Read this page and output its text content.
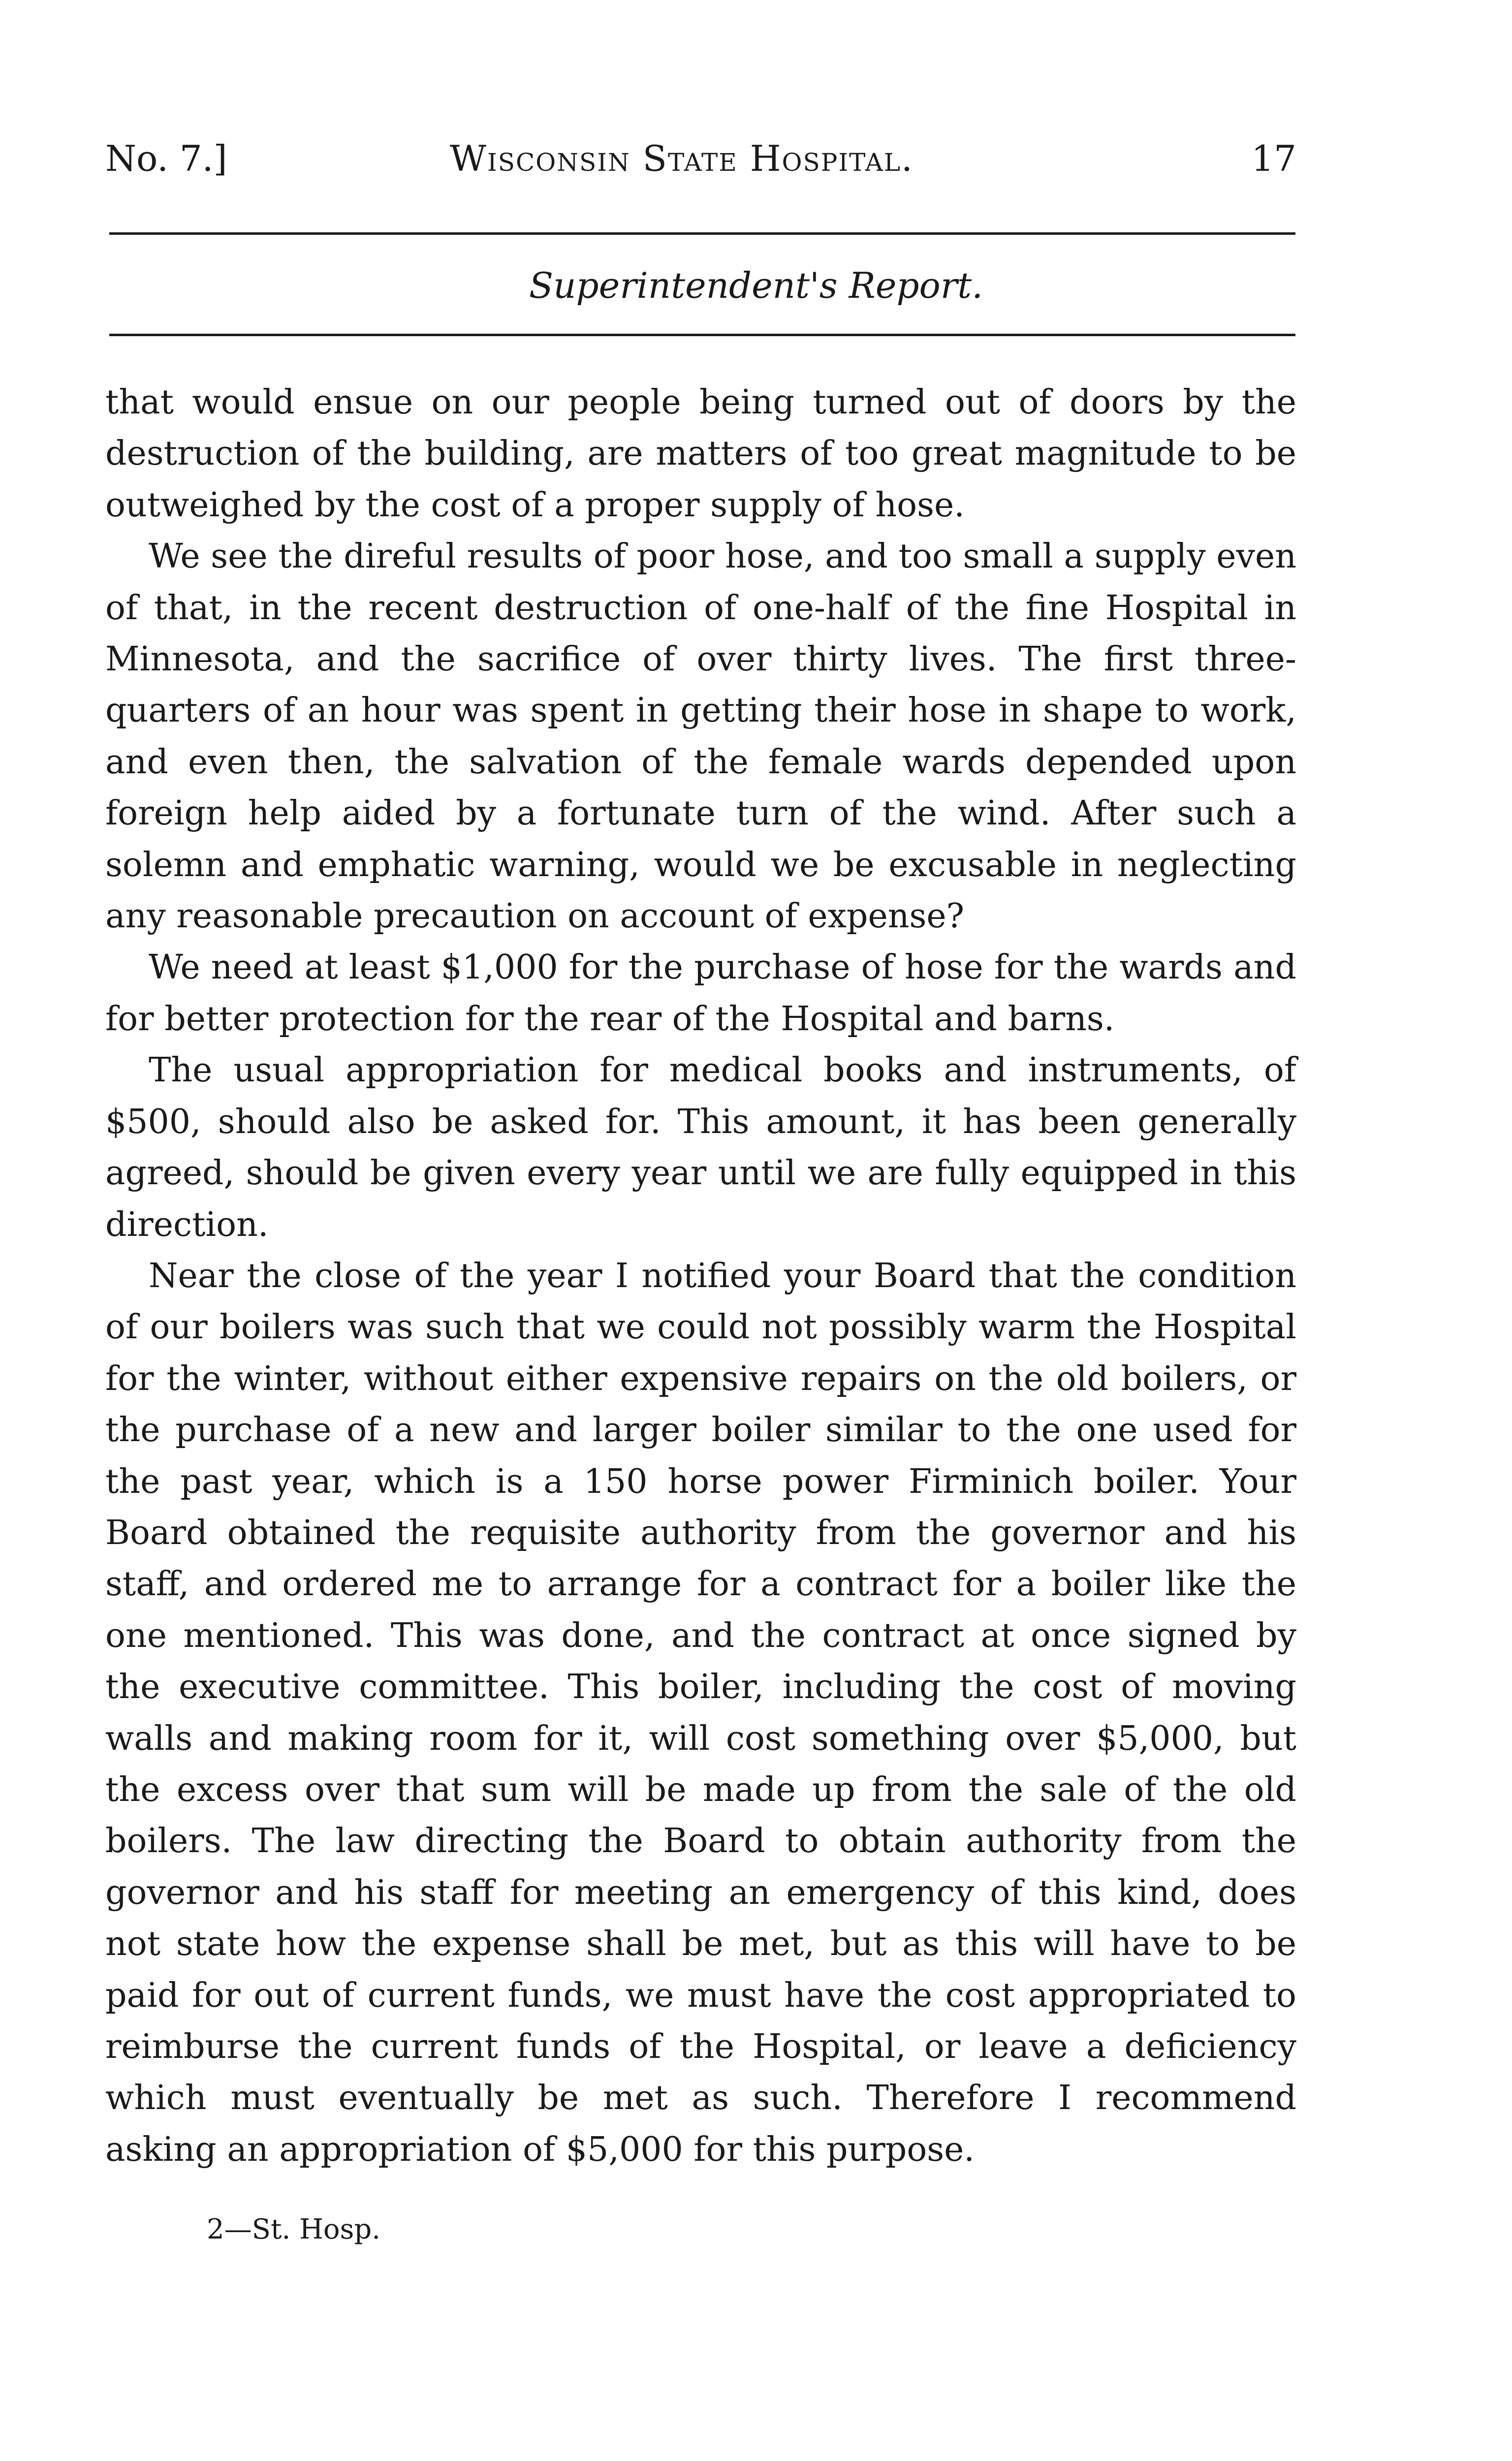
No. 7.]	Wisconsin State Hospital.	17
Superintendent's Report.

that would ensue on our people being turned out of doors by the destruction of the building, are matters of too great magnitude to be outweighed by the cost of a proper supply of hose.

We see the direful results of poor hose, and too small a supply even of that, in the recent destruction of one-half of the fine Hospital in Minnesota, and the sacrifice of over thirty lives. The first three-quarters of an hour was spent in getting their hose in shape to work, and even then, the salvation of the female wards depended upon foreign help aided by a fortunate turn of the wind. After such a solemn and emphatic warning, would we be excusable in neglecting any reasonable precaution on account of expense?

We need at least $1,000 for the purchase of hose for the wards and for better protection for the rear of the Hospital and barns.

The usual appropriation for medical books and instruments, of $500, should also be asked for. This amount, it has been generally agreed, should be given every year until we are fully equipped in this direction.

Near the close of the year I notified your Board that the condition of our boilers was such that we could not possibly warm the Hospital for the winter, without either expensive repairs on the old boilers, or the purchase of a new and larger boiler similar to the one used for the past year, which is a 150 horse power Firminich boiler. Your Board obtained the requisite authority from the governor and his staff, and ordered me to arrange for a contract for a boiler like the one mentioned. This was done, and the contract at once signed by the executive committee. This boiler, including the cost of moving walls and making room for it, will cost something over $5,000, but the excess over that sum will be made up from the sale of the old boilers. The law directing the Board to obtain authority from the governor and his staff for meeting an emergency of this kind, does not state how the expense shall be met, but as this will have to be paid for out of current funds, we must have the cost appropriated to reimburse the current funds of the Hospital, or leave a deficiency which must eventually be met as such. Therefore I recommend asking an appropriation of $5,000 for this purpose.

2—St. Hosp.
